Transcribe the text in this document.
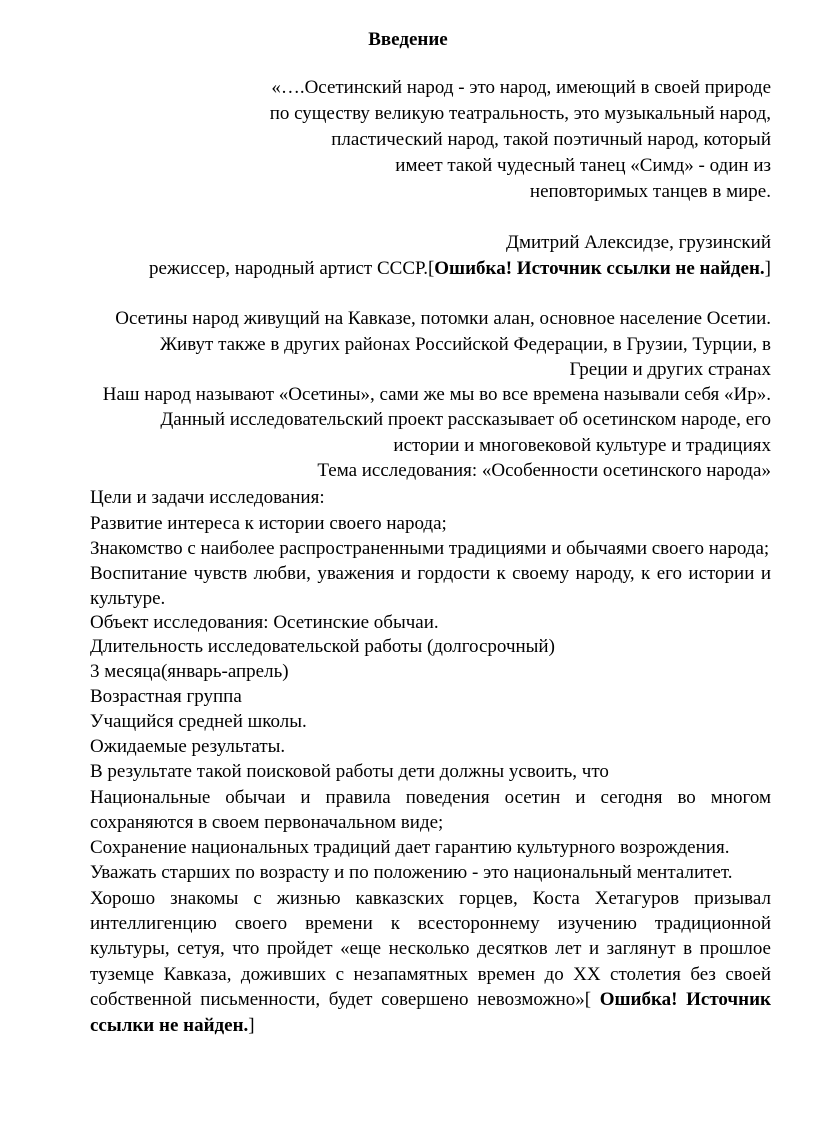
Введение
«….Осетинский народ - это народ, имеющий в своей природе
по существу великую театральность, это музыкальный народ,
пластический народ, такой поэтичный народ, который
имеет такой чудесный танец «Симд» - один из
неповторимых танцев в мире.
Дмитрий Алексидзе, грузинский
режиссер, народный артист СССР.[Ошибка! Источник ссылки не найден.]
Осетины народ живущий на Кавказе, потомки алан, основное население Осетии.
Живут также в других районах Российской Федерации, в Грузии, Турции, в
Греции и других странах
Наш народ называют «Осетины», сами же мы во все времена называли себя «Ир».
Данный исследовательский проект рассказывает об осетинском народе, его
истории и многовековой культуре и традициях
Тема исследования: «Особенности осетинского народа»
Цели и задачи исследования:
Развитие интереса к истории своего народа;
Знакомство с наиболее распространенными традициями и обычаями своего народа;
Воспитание чувств любви, уважения и гордости к своему народу, к его истории и
культуре.
Объект исследования: Осетинские обычаи.
Длительность исследовательской работы (долгосрочный)
3 месяца(январь-апрель)
Возрастная группа
Учащийся средней школы.
Ожидаемые результаты.
В результате такой поисковой работы дети должны усвоить, что
Национальные обычаи и правила поведения осетин и сегодня во многом
сохраняются в своем первоначальном виде;
Сохранение национальных традиций дает гарантию культурного возрождения.
Уважать старших по возрасту и по положению - это национальный менталитет.
Хорошо знакомы с жизнью кавказских горцев, Коста Хетагуров призывал
интеллигенцию своего времени к всестороннему изучению традиционной
культуры, сетуя, что пройдет «еще несколько десятков лет и заглянут в прошлое
туземце Кавказа, доживших с незапамятных времен до ХХ столетия без своей
собственной письменности, будет совершено невозможно»[ Ошибка! Источник
ссылки не найден.]
